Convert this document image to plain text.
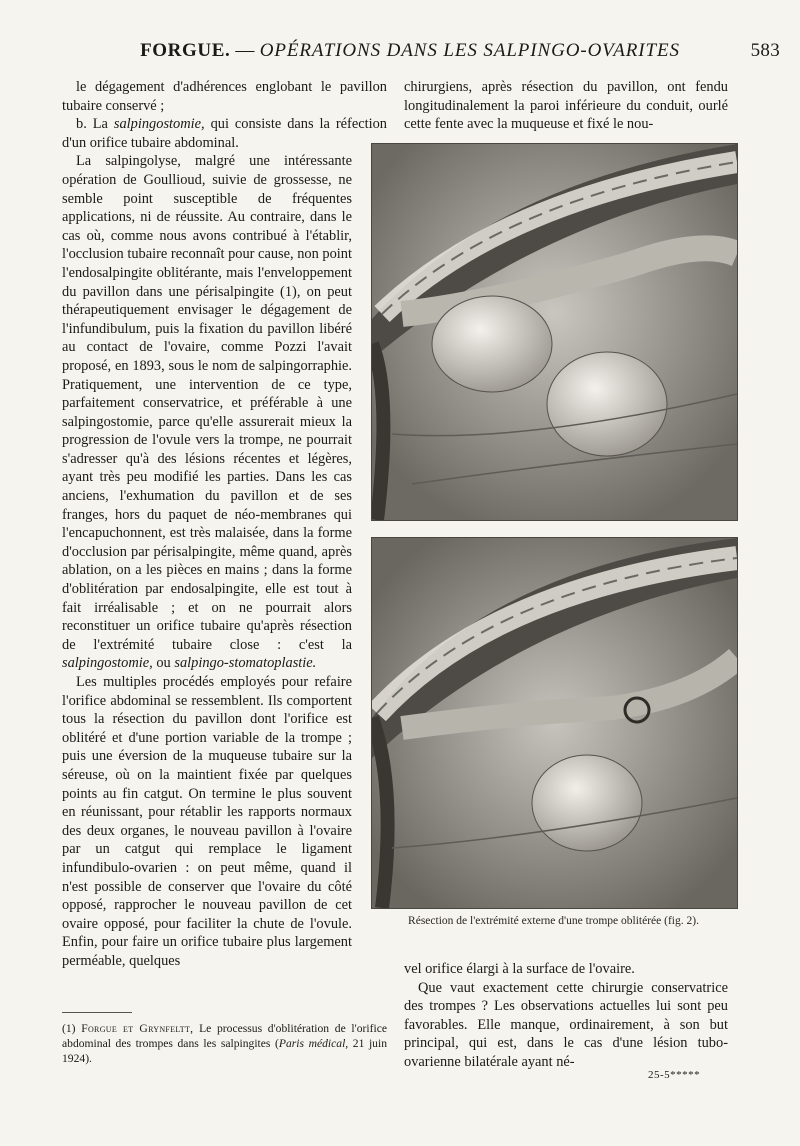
FORGUE. — OPÉRATIONS DANS LES SALPINGO-OVARITES	583

le dégagement d'adhérences englobant le pavillon tubaire conservé ;

b. La salpingostomie, qui consiste dans la réfection d'un orifice tubaire abdominal.

La salpingolyse, malgré une intéressante opération de Goullioud, suivie de grossesse, ne semble point susceptible de fréquentes applications, ni de réussite. Au contraire, dans le cas où, comme nous avons contribué à l'établir, l'occlusion tubaire reconnaît pour cause, non point l'endosalpingite oblitérante, mais l'enveloppement du pavillon dans une périsalpingite (1), on peut thérapeutiquement envisager le dégagement de l'infundibulum, puis la fixation du pavillon libéré au contact de l'ovaire, comme Pozzi l'avait proposé, en 1893, sous le nom de salpingorraphie. Pratiquement, une intervention de ce type, parfaitement conservatrice, et préférable à une salpingostomie, parce qu'elle assurerait mieux la progression de l'ovule vers la trompe, ne pourrait s'adresser qu'à des lésions récentes et légères, ayant très peu modifié les parties. Dans les cas anciens, l'exhumation du pavillon et de ses franges, hors du paquet de néo-membranes qui l'encapuchonnent, est très malaisée, dans la forme d'occlusion par périsalpingite, même quand, après ablation, on a les pièces en mains ; dans la forme d'oblitération par endosalpingite, elle est tout à fait irréalisable ; et on ne pourrait alors reconstituer un orifice tubaire qu'après résection de l'extrémité tubaire close : c'est la salpingostomie, ou salpingo-stomatoplastie.

Les multiples procédés employés pour refaire l'orifice abdominal se ressemblent. Ils comportent tous la résection du pavillon dont l'orifice est oblitéré et d'une portion variable de la trompe ; puis une éversion de la muqueuse tubaire sur la séreuse, où on la maintient fixée par quelques points au fin catgut. On termine le plus souvent en réunissant, pour rétablir les rapports normaux des deux organes, le nouveau pavillon à l'ovaire par un catgut qui remplace le ligament infundibulo-ovarien : on peut même, quand il n'est possible de conserver que l'ovaire du côté opposé, rapprocher le nouveau pavillon de cet ovaire opposé, pour faciliter la chute de l'ovule. Enfin, pour faire un orifice tubaire plus largement perméable, quelques

chirurgiens, après résection du pavillon, ont fendu longitudinalement la paroi inférieure du conduit, ourlé cette fente avec la muqueuse et fixé le nou-

Résection de l'extrémité externe d'une trompe oblitérée (fig. 2).

vel orifice élargi à la surface de l'ovaire.

Que vaut exactement cette chirurgie conservatrice des trompes ? Les observations actuelles lui sont peu favorables. Elle manque, ordinairement, à son but principal, qui est, dans le cas d'une lésion tubo-ovarienne bilatérale ayant né-

(1) Forgue et Grynfeltt, Le processus d'oblitération de l'orifice abdominal des trompes dans les salpingites (Paris médical, 21 juin 1924).
25-5*****
